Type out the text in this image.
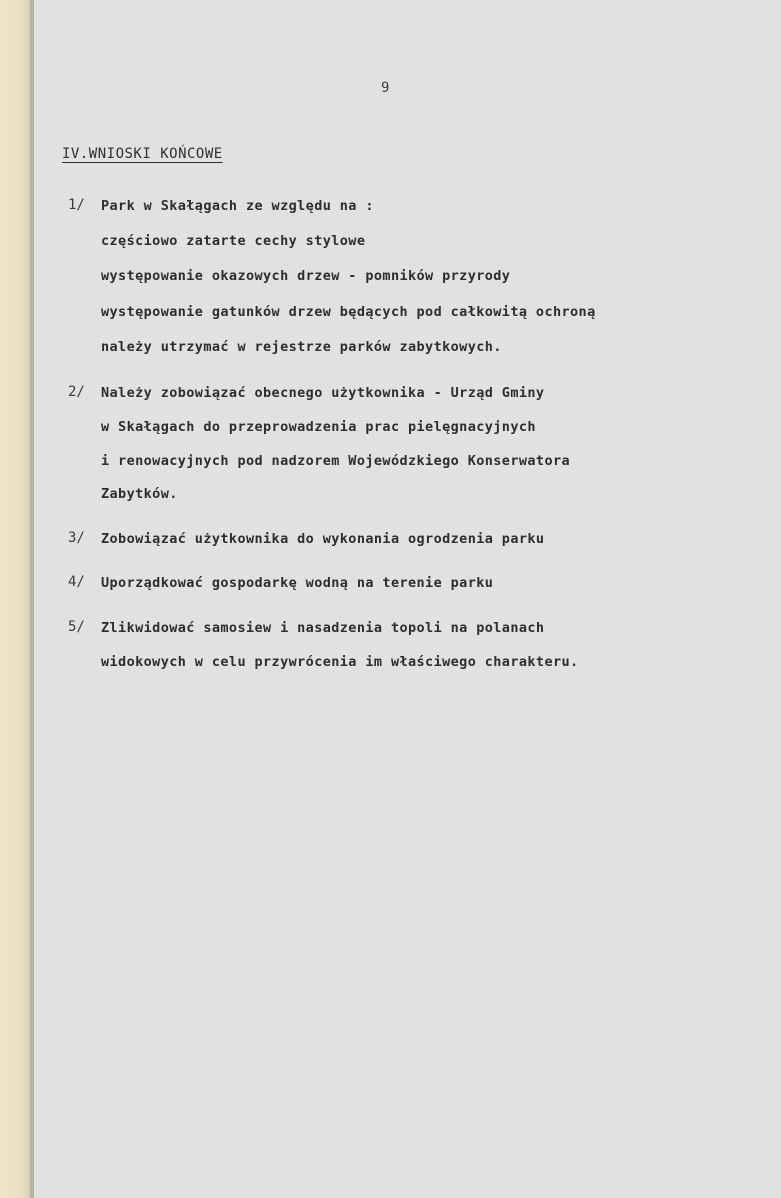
9
IV.WNIOSKI KOŃCOWE
1/ Park w Skałągach ze względu na :
częściowo zatarte cechy stylowe
występowanie okazowych drzew - pomników przyrody
występowanie gatunków drzew będących pod całkowitą ochroną
należy utrzymać w rejestrze parków zabytkowych.
2/ Należy zobowiązać obecnego użytkownika - Urząd Gminy
w Skałągach do przeprowadzenia prac pielęgnacyjnych
i renowacyjnych pod nadzorem Wojewódzkiego Konserwatora
Zabytków.
3/ Zobowiązać użytkownika do wykonania ogrodzenia parku
4/ Uporządkować gospodarkę wodną na terenie parku
5/ Zlikwidować samosiew i nasadzenia topoli na polanach
widokowych w celu przywrócenia im właściwego charakteru.
